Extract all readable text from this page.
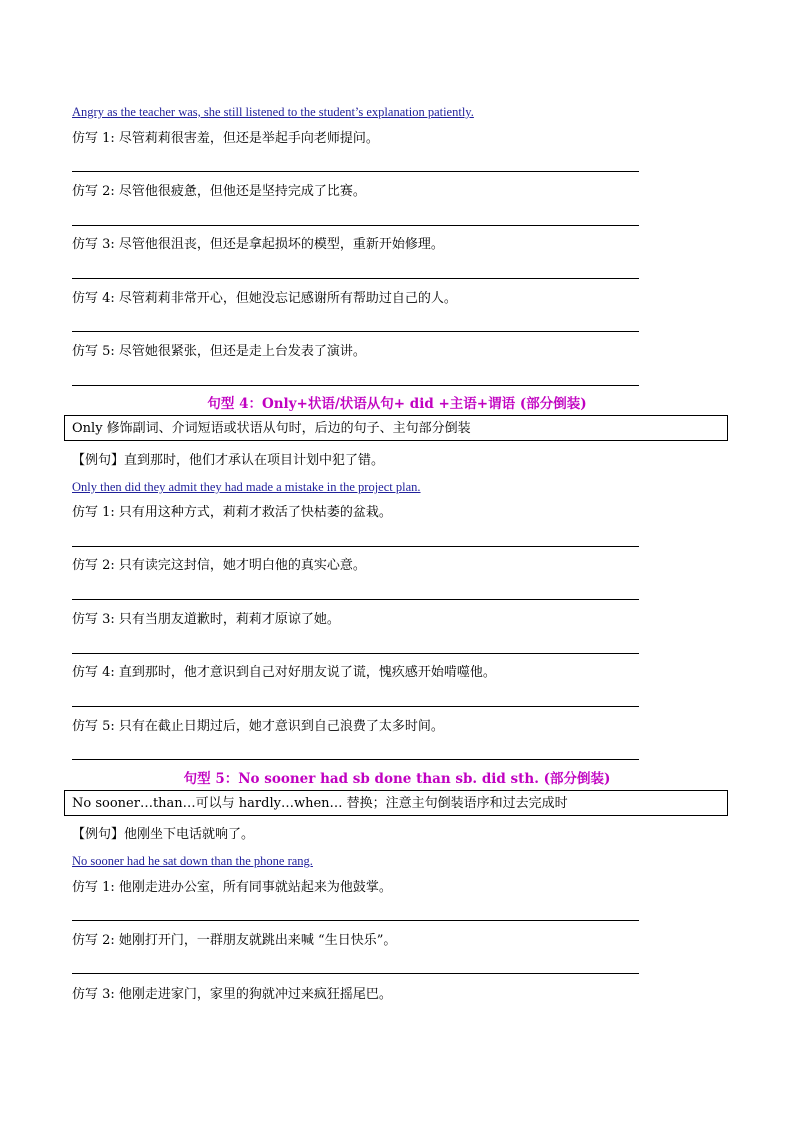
Angry as the teacher was, she still listened to the student’s explanation patiently.
仿写 1: 尽管莉莉很害羞，但还是举起手向老师提问。
仿写 2: 尽管他很疲惫，但他还是坚持完成了比赛。
仿写 3: 尽管他很沮丧，但还是拿起损坏的模型，重新开始修理。
仿写 4: 尽管莉莉非常开心，但她没忘记感谢所有帮助过自己的人。
仿写 5: 尽管她很紧张，但还是走上台发表了演讲。
句型 4：Only+状语/状语从句+ did +主语+谓语 (部分倒装)
Only 修饰副词、介词短语或状语从句时，后边的句子、主句部分倒装
【例句】直到那时，他们才承认在项目计划中犯了错。
Only then did they admit they had made a mistake in the project plan.
仿写 1: 只有用这种方式，莉莉才救活了快枯萎的盆栽。
仿写 2: 只有读完这封信，她才明白他的真实心意。
仿写 3: 只有当朋友道歉时，莉莉才原谅了她。
仿写 4: 直到那时，他才意识到自己对好朋友说了谎，愧疚感开始啃噬他。
仿写 5: 只有在截止日期过后，她才意识到自己浪费了太多时间。
句型 5：No sooner had sb done than sb. did sth. (部分倒装)
No sooner…than…可以与 hardly…when… 替换；注意主句倒装语序和过去完成时
【例句】他刚坐下电话就响了。
No sooner had he sat down than the phone rang.
仿写 1: 他刚走进办公室，所有同事就站起来为他鼓掌。
仿写 2: 她刚打开门，一群朋友就跳出来喊 “生日快乐”。
仿写 3: 他刚走进家门，家里的狗就冲过来疯狂摇尾巴。
